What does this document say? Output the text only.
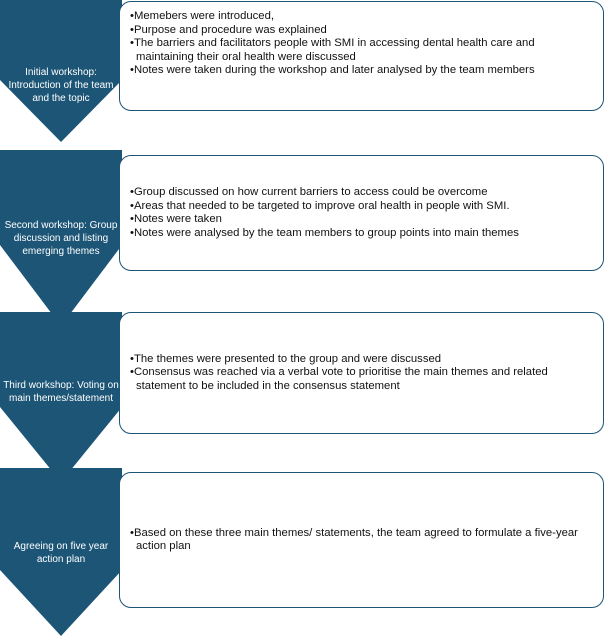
Initial workshop: Introduction of the team and the topic

• Memebers were introduced,

• Purpose and procedure was explained

• The barriers and facilitators people with SMI in accessing dental health care and maintaining their oral health were discussed

• Notes were taken during the workshop and later analysed by the team members

Second workshop: Group discussion and listing emerging themes

• Group discussed on how current barriers to access could be overcome

• Areas that needed to be targeted to improve oral health in people with SMI.

• Notes were taken

• Notes were analysed by the team members to group points into main themes

Third workshop: Voting on main themes/statement

• The themes were presented to the group and were discussed

• Consensus was reached via a verbal vote to prioritise the main themes and related statement to be included in the consensus statement

Agreeing on five year action plan

• Based on these three main themes/ statements, the team agreed to formulate a five-year action plan
